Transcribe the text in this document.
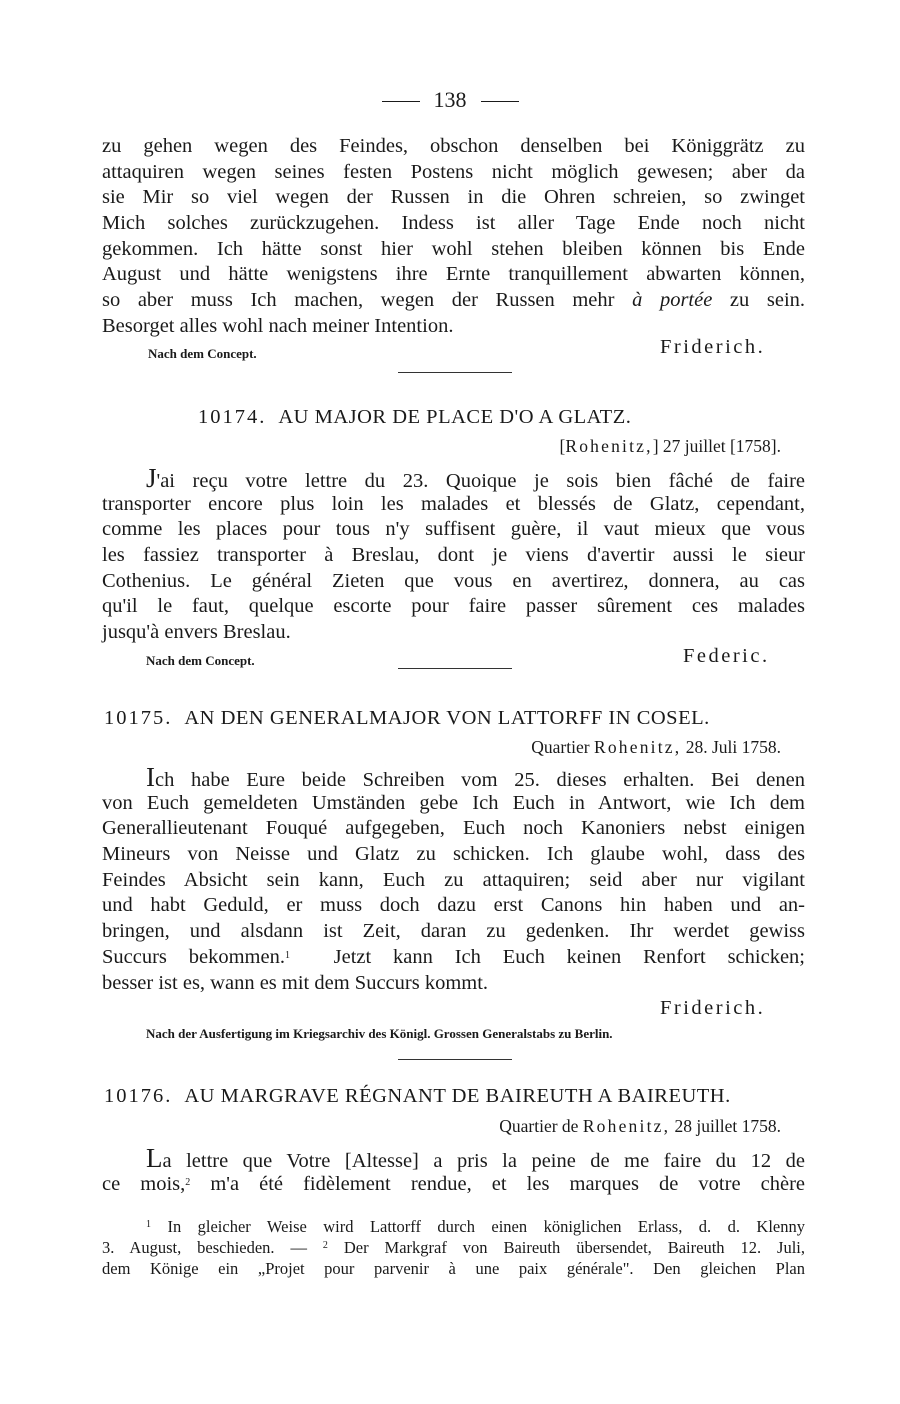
138
zu gehen wegen des Feindes, obschon denselben bei Königgrätz zu
attaquiren wegen seines festen Postens nicht möglich gewesen; aber da
sie Mir so viel wegen der Russen in die Ohren schreien, so zwinget
Mich solches zurückzugehen. Indess ist aller Tage Ende noch nicht
gekommen. Ich hätte sonst hier wohl stehen bleiben können bis Ende
August und hätte wenigstens ihre Ernte tranquillement abwarten können,
so aber muss Ich machen, wegen der Russen mehr à portée zu sein.
Besorget alles wohl nach meiner Intention.
Nach dem Concept.	Friderich.
10174. AU MAJOR DE PLACE D'O A GLATZ.
[Rohenitz,] 27 juillet [1758].
J'ai reçu votre lettre du 23. Quoique je sois bien fâché de faire
transporter encore plus loin les malades et blessés de Glatz, cependant,
comme les places pour tous n'y suffisent guère, il vaut mieux que vous
les fassiez transporter à Breslau, dont je viens d'avertir aussi le sieur
Cothenius. Le général Zieten que vous en avertirez, donnera, au cas
qu'il le faut, quelque escorte pour faire passer sûrement ces malades
jusqu'à envers Breslau.
Nach dem Concept.	Federic.
10175. AN DEN GENERALMAJOR VON LATTORFF IN COSEL.
Quartier Rohenitz, 28. Juli 1758.
Ich habe Eure beide Schreiben vom 25. dieses erhalten. Bei denen
von Euch gemeldeten Umständen gebe Ich Euch in Antwort, wie Ich dem
Generallieutenant Fouqué aufgegeben, Euch noch Kanoniers nebst einigen
Mineurs von Neisse und Glatz zu schicken. Ich glaube wohl, dass des
Feindes Absicht sein kann, Euch zu attaquiren; seid aber nur vigilant
und habt Geduld, er muss doch dazu erst Canons hin haben und an-
bringen, und alsdann ist Zeit, daran zu gedenken. Ihr werdet gewiss
Succurs bekommen.$^1$ Jetzt kann Ich Euch keinen Renfort schicken;
besser ist es, wann es mit dem Succurs kommt.
Friderich.
Nach der Ausfertigung im Kriegsarchiv des Königl. Grossen Generalstabs zu Berlin.
10176. AU MARGRAVE RÉGNANT DE BAIREUTH A BAIREUTH.
Quartier de Rohenitz, 28 juillet 1758.
La lettre que Votre [Altesse] a pris la peine de me faire du 12 de
ce mois,$^2$ m'a été fidèlement rendue, et les marques de votre chère
$^1$ In gleicher Weise wird Lattorff durch einen königlichen Erlass, d. d. Klenny
3. August, beschieden. — $^2$ Der Markgraf von Baireuth übersendet, Baireuth 12. Juli,
dem Könige ein „Projet pour parvenir à une paix générale". Den gleichen Plan
